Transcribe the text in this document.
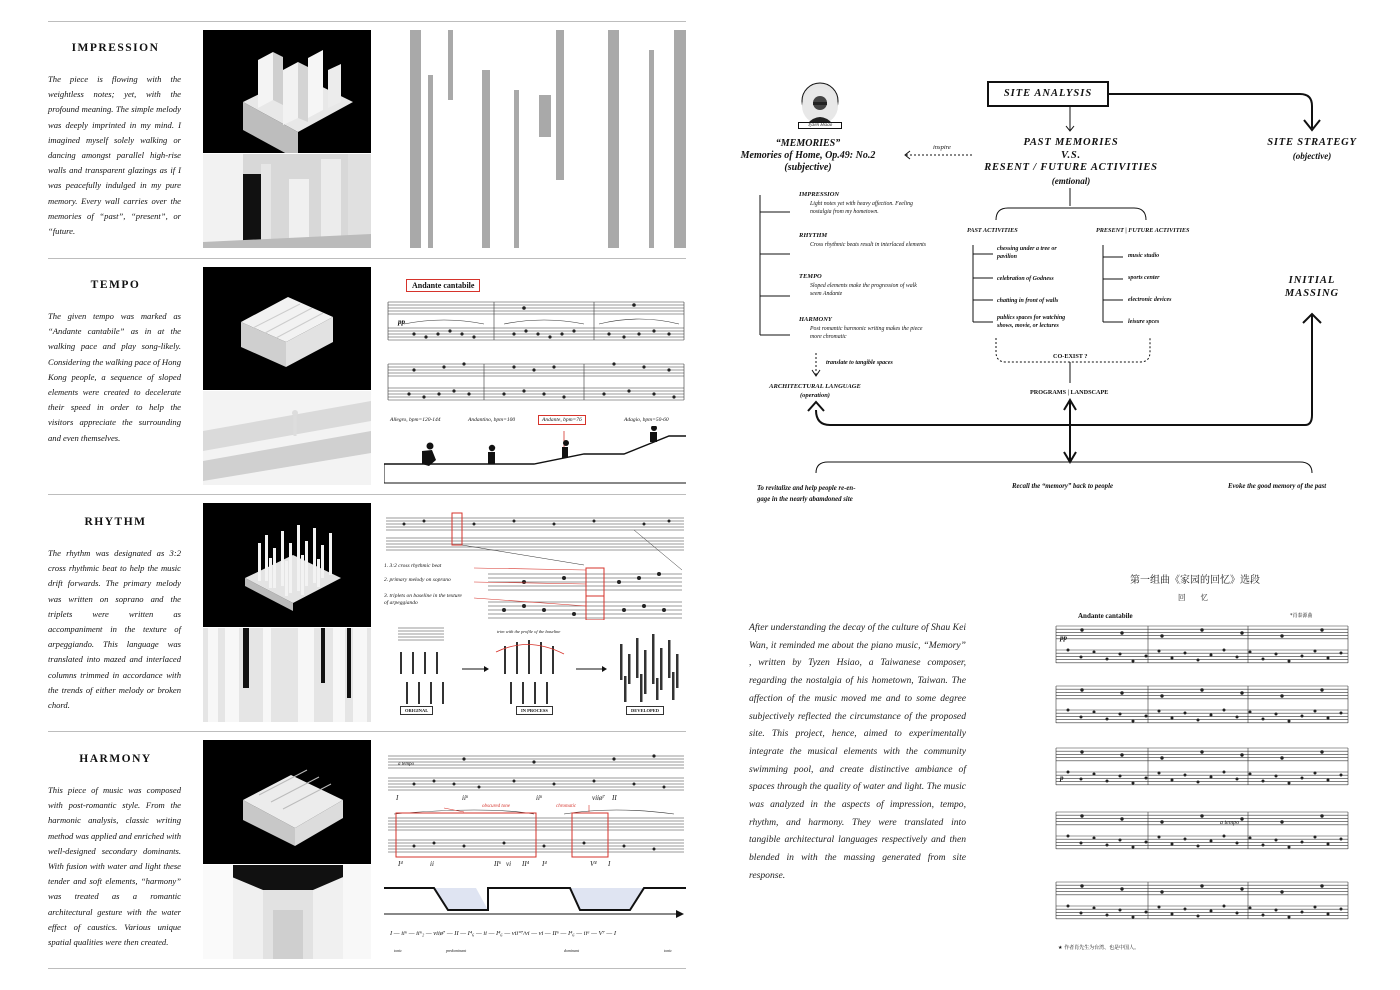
IMPRESSION
The piece is flowing with the weightless notes; yet, with the profound meaning. The simple melody was deeply imprinted in my mind. I imagined myself solely walking or dancing amongst parallel high-rise walls and transparent glazings as if I was peacefully indulged in my pure memory. Every wall carries over the memories of “past”, “present”, or “future.
TEMPO
The given tempo was marked as “Andante cantabile” as in at the walking pace and play song-likely. Considering the walking pace of Hong Kong people, a sequence of sloped elements were created to decelerate their speed in order to help the visitors appreciate the surrounding and even themselves.
Andante cantabile
pp
Allegro, bpm=120-144	Andantino, bpm=100	Andante, bpm=76	Adagio, bpm=50-60
RHYTHM
The rhythm was designated as 3:2 cross rhythmic beat to help the music drift forwards. The primary melody was written on soprano and the triplets were written as accompaniment in the texture of arpeggiando. This language was translated into mazed and interlaced columns trimmed in accordance with the trends of either melody or broken chord.
1. 3:2 cross rhythmic beat
2. primary melody on soprano
3. triplets on baseline in the texture of arpeggiando
trim with the profile of the baseline
ORIGINAL	IN PROCESS	DEVELOPED
HARMONY
This piece of music was composed with post-romantic style. From the harmonic analysis, classic writing method was applied and enriched with well-designed secondary dominants. With fusion with water and light these tender and soft elements, “harmony” was treated as a romantic architectural gesture with the water effect of caustics. Various unique spatial qualities were then created.
a tempo
obscured tone	chromatic
I	ii⁶	ii⁶	viiø⁷ II
I⁴	ii	II⁶ vi II⁴ I⁴	V⁴ I
I — ii⁶ — ii⁶₂ — viiø⁷ — II — I⁴₆ — ii — I⁴₆ — vii°⁷/vi — vi — II⁶ — I⁴₆ — ii⁶ — V⁷ — I
tonic	predominant	dominant	tonic
Tyzen Hsiao
“MEMORIES”
Memories of Home, Op.49: No.2
(subjective)
inspire
SITE ANALYSIS
PAST MEMORIES
V.S.
RESENT / FUTURE ACTIVITIES
(emtional)
SITE STRATEGY
(objective)
INITIAL
MASSING
IMPRESSION
Light notes yet with heavy affection. Feeling nostalgia from my hometown.
RHYTHM
Cross rhythmic beats result in interlaced elements
TEMPO
Sloped elements make the progression of walk seem Andante
HARMONY
Post romantic harmonic writing makes the piece more chromatic
translate to tangible spaces
ARCHITECTURAL LANGUAGE
(operation)
PAST ACTIVITIES
chessing under a tree or pavilion
celebration of Godness
chatting in front of walls
publics spaces for watching shows, movie, or lectures
PRESENT | FUTURE ACTIVITIES
music studio
sports center
electronic devices
leisure spces
CO-EXIST ?
PROGRAMS | LANDSCAPE
To revitalize and help people re-en-
gage in the nearly abamdoned site
Recall the “memory” back to people	Evoke the good memory of the past
After understanding the decay of the culture of Shau Kei Wan, it reminded me about the piano music, “Memory” , written by Tyzen Hsiao, a Taiwanese composer, regarding the nostalgia of his hometown, Taiwan. The affection of the music moved me and to some degree subjectively reflected the circumstance of the proposed site. This project, hence, aimed to experimentally integrate the musical elements with the community swimming pool, and create distinctive ambiance of spaces through the quality of water and light. The music was analyzed in the aspects of impression, tempo, rhythm, and harmony. They were translated into tangible architectural languages respectively and then blended in with the massing generated from site response.
第一组曲《家园的回忆》选段
回　　忆
Andante cantabile	*肖泰源曲
pp
a tempo
p
★ 作者肖先生为台湾、也是中国人。
